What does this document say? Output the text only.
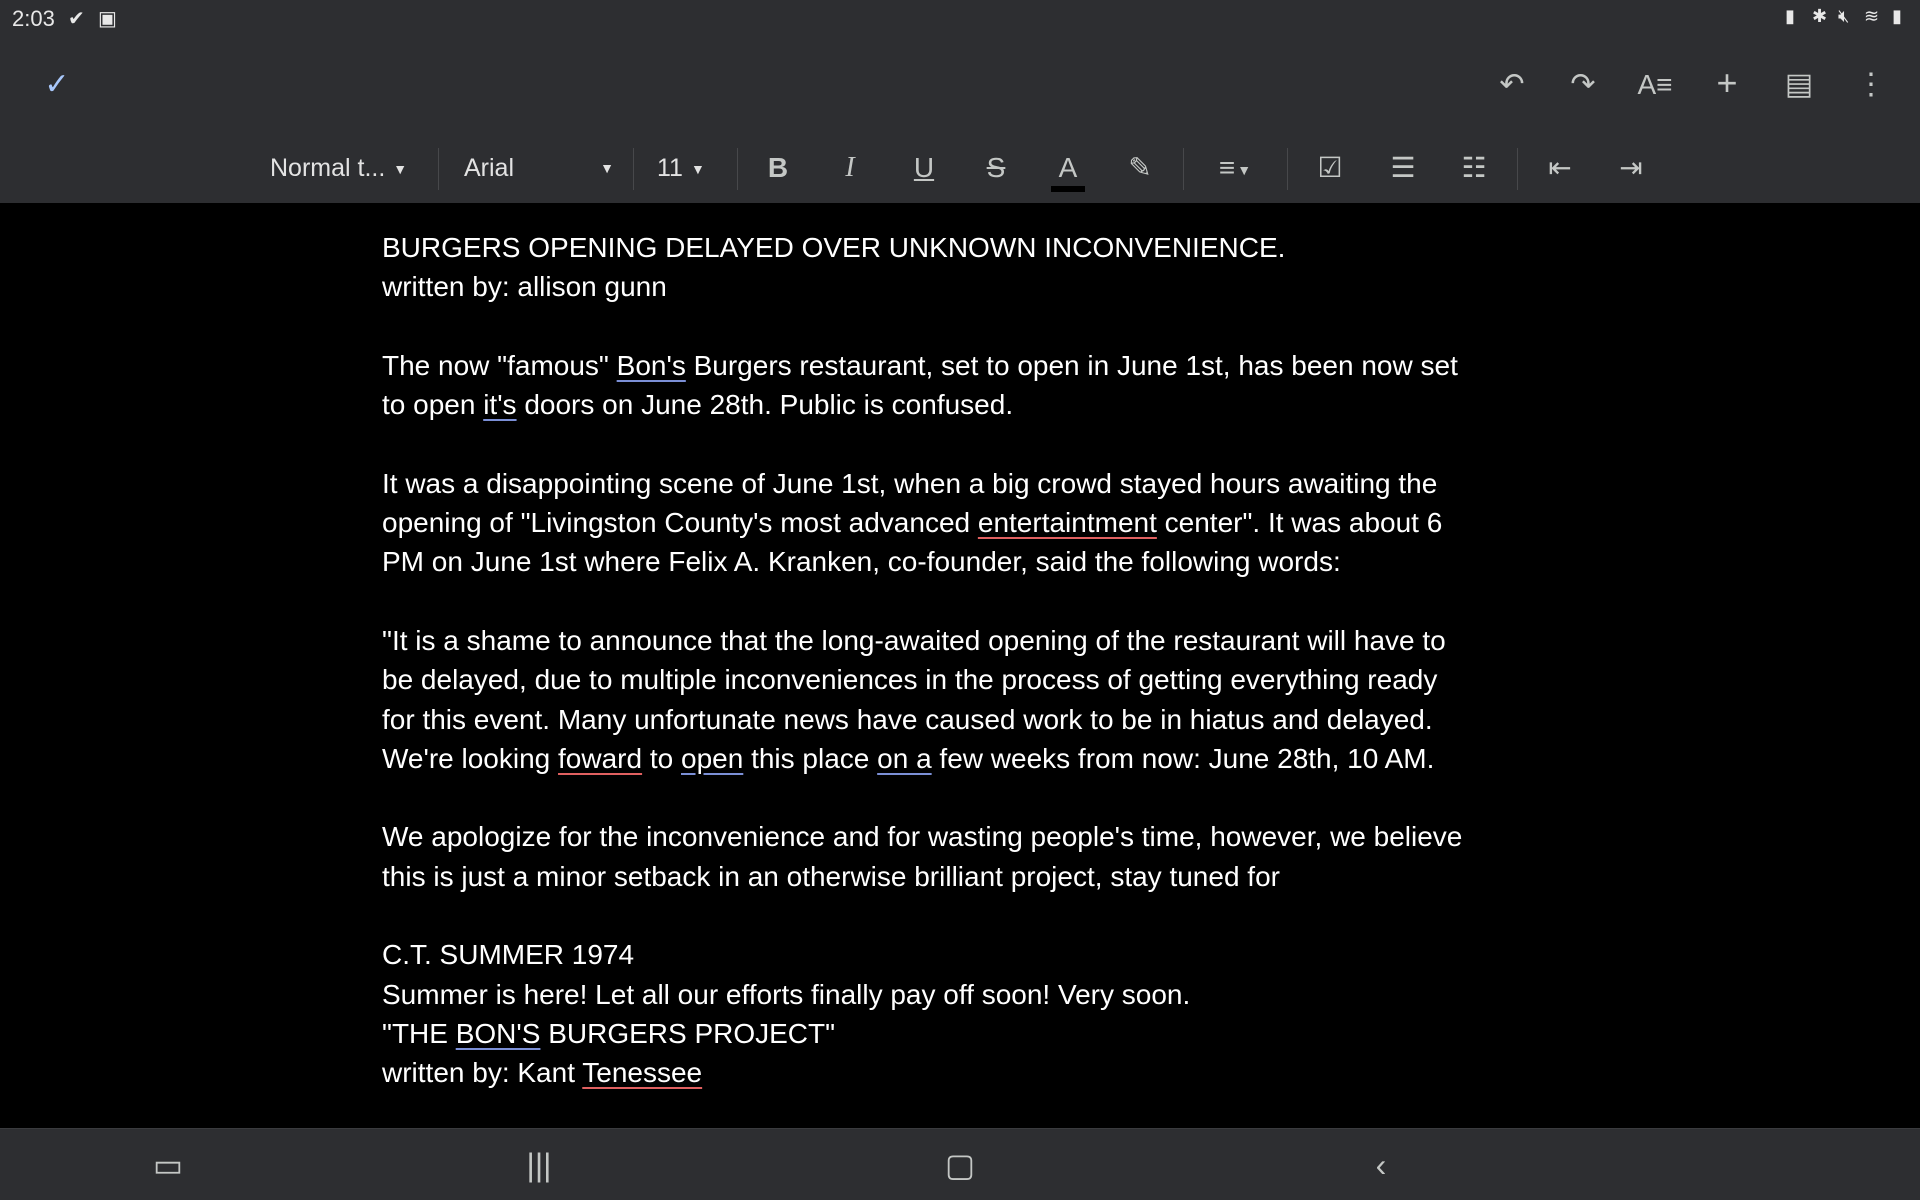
2:03 ✔ ▣	▮ ✱ 🔇︎ ≋ ▮
✓	↶ ↷ A≡ +	▤ ⋮
Normal t... ▼ Arial	▼ 11 ▼	B	I	U	S	A	✎	≡ ▼	☑ ☰ ☷ ⇤ ⇥

BURGERS OPENING DELAYED OVER UNKNOWN INCONVENIENCE.

written by: allison gunn

The now "famous" Bon's Burgers restaurant, set to open in June 1st, has been now set

to open it's doors on June 28th. Public is confused.

It was a disappointing scene of June 1st, when a big crowd stayed hours awaiting the

opening of "Livingston County's most advanced entertaintment center". It was about 6

PM on June 1st where Felix A. Kranken, co-founder, said the following words:

"It is a shame to announce that the long-awaited opening of the restaurant will have to

be delayed, due to multiple inconveniences in the process of getting everything ready

for this event. Many unfortunate news have caused work to be in hiatus and delayed.

We're looking foward to open this place on a few weeks from now: June 28th, 10 AM.

We apologize for the inconvenience and for wasting people's time, however, we believe

this is just a minor setback in an otherwise brilliant project, stay tuned for

C.T. SUMMER 1974

Summer is here! Let all our efforts finally pay off soon! Very soon.

"THE BON'S BURGERS PROJECT"

written by: Kant Tenessee

▭	|||	▢	‹
